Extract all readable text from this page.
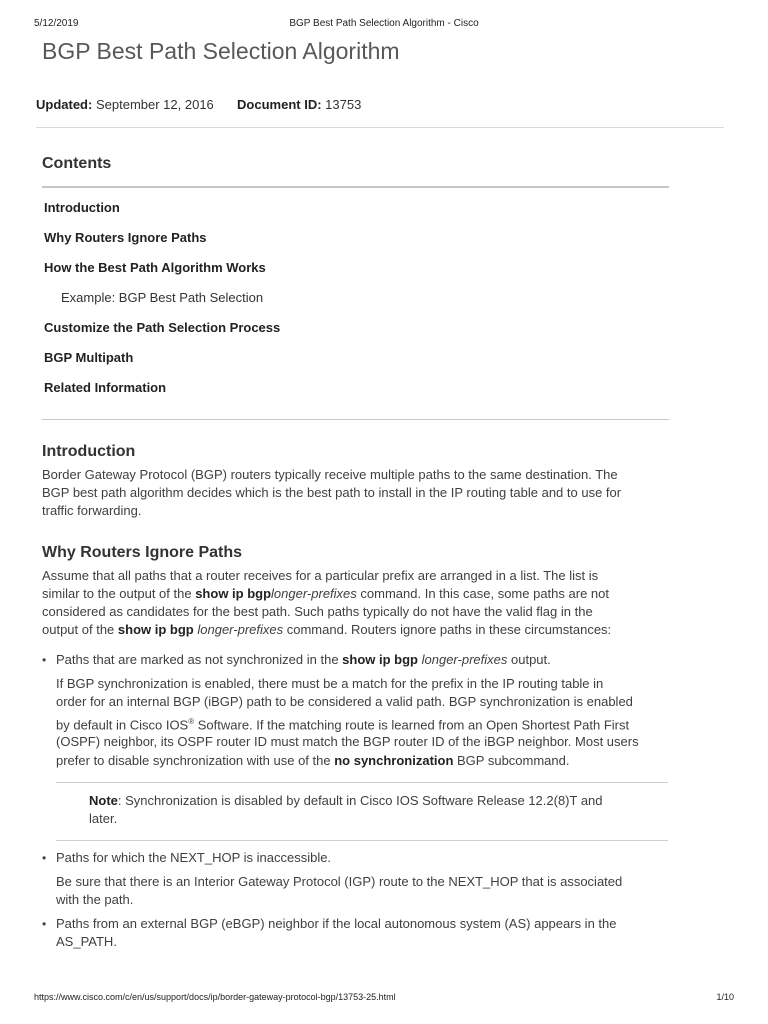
5/12/2019	BGP Best Path Selection Algorithm - Cisco
BGP Best Path Selection Algorithm
Updated: September 12, 2016 Document ID: 13753
Contents
Introduction
Why Routers Ignore Paths
How the Best Path Algorithm Works
Example: BGP Best Path Selection
Customize the Path Selection Process
BGP Multipath
Related Information
Introduction

Border Gateway Protocol (BGP) routers typically receive multiple paths to the same destination. The

BGP best path algorithm decides which is the best path to install in the IP routing table and to use for

traffic forwarding.

Why Routers Ignore Paths

Assume that all paths that a router receives for a particular prefix are arranged in a list. The list is

similar to the output of the show ip bgplonger-prefixes command. In this case, some paths are not

considered as candidates for the best path. Such paths typically do not have the valid flag in the

output of the show ip bgp longer-prefixes command. Routers ignore paths in these circumstances:

• Paths that are marked as not synchronized in the show ip bgp longer-prefixes output.
If BGP synchronization is enabled, there must be a match for the prefix in the IP routing table in
order for an internal BGP (iBGP) path to be considered a valid path. BGP synchronization is enabled
by default in Cisco IOS® Software. If the matching route is learned from an Open Shortest Path First
(OSPF) neighbor, its OSPF router ID must match the BGP router ID of the iBGP neighbor. Most users
prefer to disable synchronization with use of the no synchronization BGP subcommand.
Note: Synchronization is disabled by default in Cisco IOS Software Release 12.2(8)T and
later.
• Paths for which the NEXT_HOP is inaccessible.
Be sure that there is an Interior Gateway Protocol (IGP) route to the NEXT_HOP that is associated
with the path.
• Paths from an external BGP (eBGP) neighbor if the local autonomous system (AS) appears in the
AS_PATH.
https://www.cisco.com/c/en/us/support/docs/ip/border-gateway-protocol-bgp/13753-25.html	1/10
